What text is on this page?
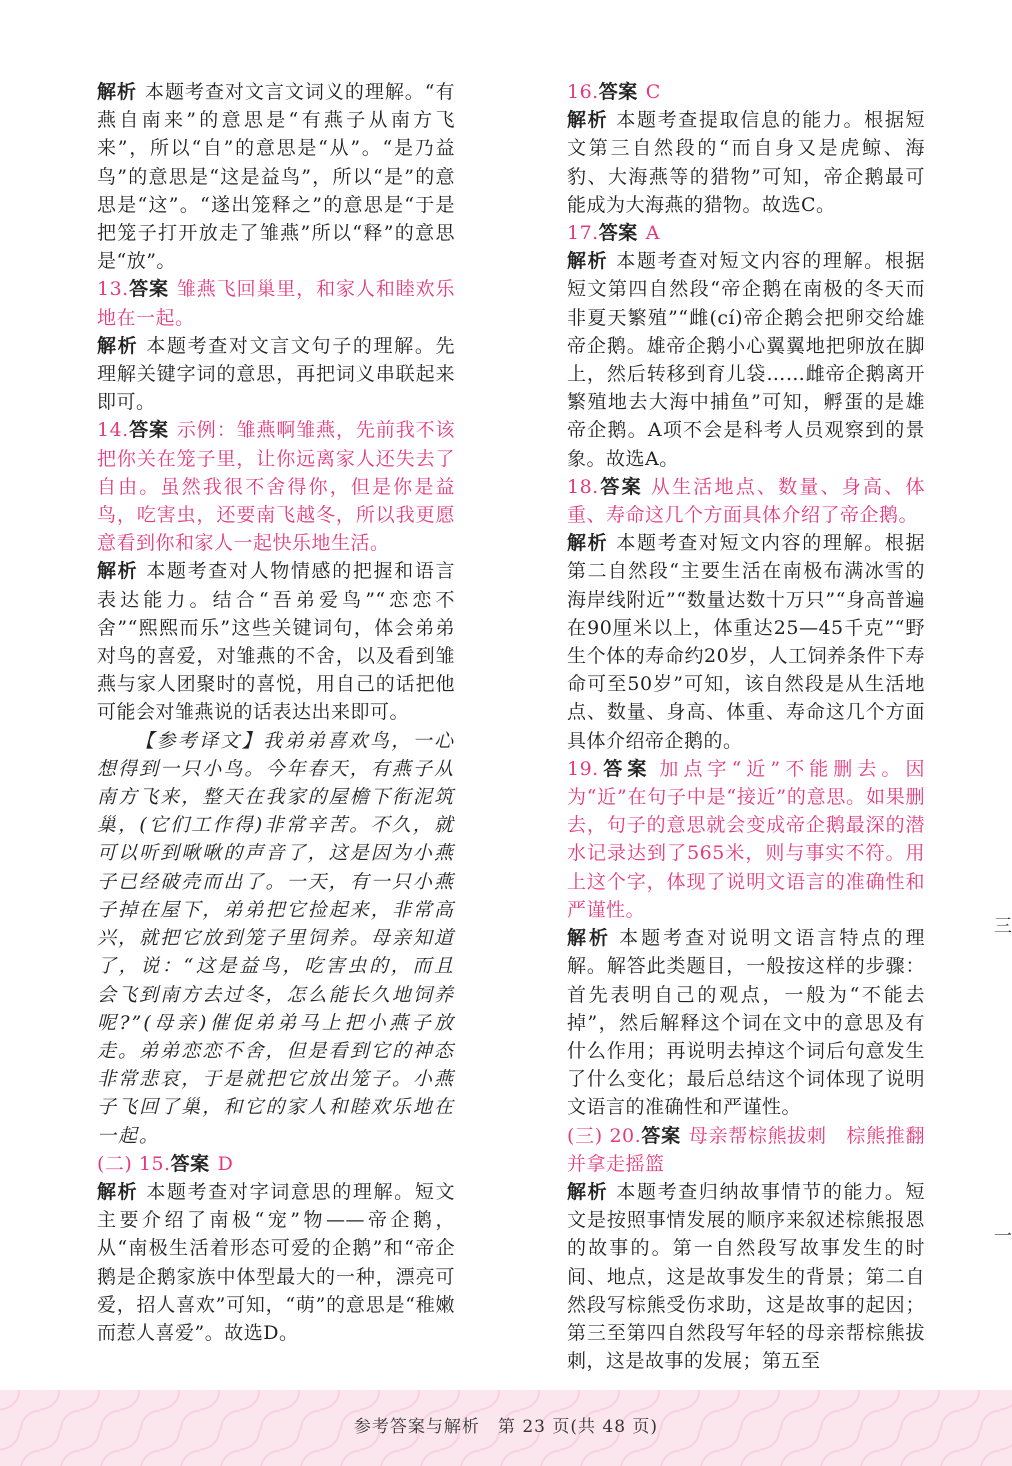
解析 本题考查对文言文词义的理解。“有燕自南来”的意思是“有燕子从南方飞来”，所以“自”的意思是“从”。“是乃益鸟”的意思是“这是益鸟”，所以“是”的意思是“这”。“遂出笼释之”的意思是“于是把笼子打开放走了雏燕”所以“释”的意思是“放”。

13.答案 雏燕飞回巢里，和家人和睦欢乐地在一起。

解析 本题考查对文言文句子的理解。先理解关键字词的意思，再把词义串联起来即可。

14.答案 示例：雏燕啊雏燕，先前我不该把你关在笼子里，让你远离家人还失去了自由。虽然我很不舍得你，但是你是益鸟，吃害虫，还要南飞越冬，所以我更愿意看到你和家人一起快乐地生活。

解析 本题考查对人物情感的把握和语言表达能力。结合“吾弟爱鸟”“恋恋不舍”“熙熙而乐”这些关键词句，体会弟弟对鸟的喜爱，对雏燕的不舍，以及看到雏燕与家人团聚时的喜悦，用自己的话把他可能会对雏燕说的话表达出来即可。

【参考译文】我弟弟喜欢鸟，一心想得到一只小鸟。今年春天，有燕子从南方飞来，整天在我家的屋檐下衔泥筑巢，(它们工作得)非常辛苦。不久，就可以听到啾啾的声音了，这是因为小燕子已经破壳而出了。一天，有一只小燕子掉在屋下，弟弟把它捡起来，非常高兴，就把它放到笼子里饲养。母亲知道了，说：“这是益鸟，吃害虫的，而且会飞到南方去过冬，怎么能长久地饲养呢?”(母亲)催促弟弟马上把小燕子放走。弟弟恋恋不舍，但是看到它的神态非常悲哀，于是就把它放出笼子。小燕子飞回了巢，和它的家人和睦欢乐地在一起。

(二) 15.答案 D

解析 本题考查对字词意思的理解。短文主要介绍了南极“宠”物——帝企鹅，从“南极生活着形态可爱的企鹅”和“帝企鹅是企鹅家族中体型最大的一种，漂亮可爱，招人喜欢”可知，“萌”的意思是“稚嫩而惹人喜爱”。故选D。

16.答案 C

解析 本题考查提取信息的能力。根据短文第三自然段的“而自身又是虎鲸、海豹、大海燕等的猎物”可知，帝企鹅最可能成为大海燕的猎物。故选C。

17.答案 A

解析 本题考查对短文内容的理解。根据短文第四自然段“帝企鹅在南极的冬天而非夏天繁殖”“雌(cí)帝企鹅会把卵交给雄帝企鹅。雄帝企鹅小心翼翼地把卵放在脚上，然后转移到育儿袋……雌帝企鹅离开繁殖地去大海中捕鱼”可知，孵蛋的是雄帝企鹅。A项不会是科考人员观察到的景象。故选A。

18.答案 从生活地点、数量、身高、体重、寿命这几个方面具体介绍了帝企鹅。

解析 本题考查对短文内容的理解。根据第二自然段“主要生活在南极布满冰雪的海岸线附近”“数量达数十万只”“身高普遍在90厘米以上，体重达25—45千克”“野生个体的寿命约20岁，人工饲养条件下寿命可至50岁”可知，该自然段是从生活地点、数量、身高、体重、寿命这几个方面具体介绍帝企鹅的。

19.答案 加点字“近”不能删去。因为“近”在句子中是“接近”的意思。如果删去，句子的意思就会变成帝企鹅最深的潜水记录达到了565米，则与事实不符。用上这个字，体现了说明文语言的准确性和严谨性。

解析 本题考查对说明文语言特点的理解。解答此类题目，一般按这样的步骤：首先表明自己的观点，一般为“不能去掉”，然后解释这个词在文中的意思及有什么作用；再说明去掉这个词后句意发生了什么变化；最后总结这个词体现了说明文语言的准确性和严谨性。

(三) 20.答案 母亲帮棕熊拔刺　棕熊推翻并拿走摇篮

解析 本题考查归纳故事情节的能力。短文是按照事情发展的顺序来叙述棕熊报恩的故事的。第一自然段写故事发生的时间、地点，这是故事发生的背景；第二自然段写棕熊受伤求助，这是故事的起因；第三至第四自然段写年轻的母亲帮棕熊拔刺，这是故事的发展；第五至

三
一
参考答案与解析　第 23 页(共 48 页)
